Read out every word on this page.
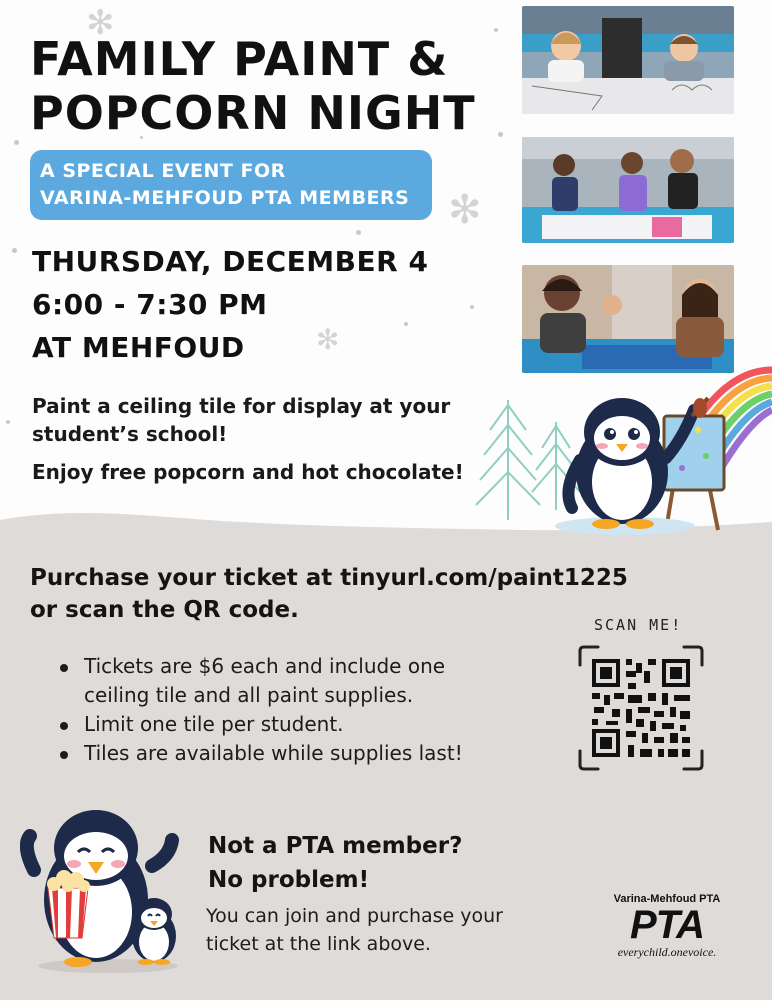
✻
✻
✻
FAMILY PAINT &
POPCORN NIGHT
A SPECIAL EVENT FOR
VARINA-MEHFOUD PTA MEMBERS
THURSDAY, DECEMBER 4
6:00 - 7:30 PM
AT MEHFOUD

Paint a ceiling tile for display at your student’s school!

Enjoy free popcorn and hot chocolate!

Purchase your ticket at tinyurl.com/paint1225
or scan the QR code.
Tickets are $6 each and include one
ceiling tile and all paint supplies.
Limit one tile per student.
Tiles are available while supplies last!
SCAN ME!
Not a PTA member?
No problem!
You can join and purchase your
ticket at the link above.
Varina-Mehfoud PTA
PTA
everychild.onevoice.
